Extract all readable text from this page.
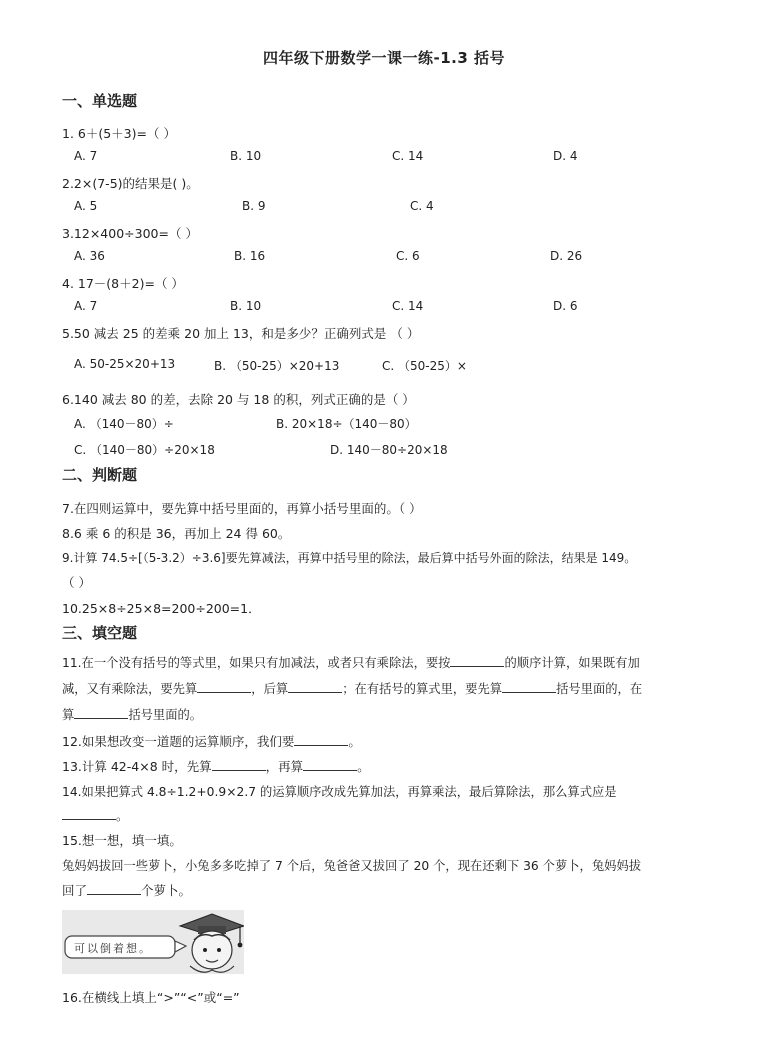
四年级下册数学一课一练-1.3 括号
一、单选题
1. 6＋(5＋3)=（ ）
A. 7	B. 10	C. 14	D. 4
2.2×(7-5)的结果是( )。
A. 5	B. 9	C. 4
3.12×400÷300=（ ）
A. 36	B. 16	C. 6	D. 26
4. 17－(8＋2)=（ ）
A. 7	B. 10	C. 14	D. 6
5.50 减去 25 的差乘 20 加上 13，和是多少？正确列式是 （ ）
A. 50-25×20+13	B. （50-25）×20+13	C. （50-25）×
6.140 减去 80 的差，去除 20 与 18 的积，列式正确的是（ ）
A. （140－80）÷	B. 20×18÷（140－80）
C. （140－80）÷20×18	D. 140－80÷20×18
二、判断题
7.在四则运算中，要先算中括号里面的，再算小括号里面的。（ ）
8.6 乘 6 的积是 36，再加上 24 得 60。
9.计算 74.5÷[（5-3.2）÷3.6]要先算减法，再算中括号里的除法，最后算中括号外面的除法，结果是 149。
（ ）
10.25×8÷25×8=200÷200=1．
三、填空题
11.在一个没有括号的等式里，如果只有加减法，或者只有乘除法，要按	的顺序计算，如果既有加
减，又有乘除法，要先算	，后算	；在有括号的算式里，要先算	括号里面的，在
算	括号里面的。
12.如果想改变一道题的运算顺序，我们要	。
13.计算 42-4×8 时，先算	，再算	。
14.如果把算式 4.8÷1.2+0.9×2.7 的运算顺序改成先算加法，再算乘法，最后算除法，那么算式应是
。
15.想一想，填一填。
兔妈妈拔回一些萝卜，小兔多多吃掉了 7 个后，兔爸爸又拔回了 20 个，现在还剩下 36 个萝卜，兔妈妈拔
回了	个萝卜。
可以倒着想。
16.在横线上填上“>”“<”或“=”
